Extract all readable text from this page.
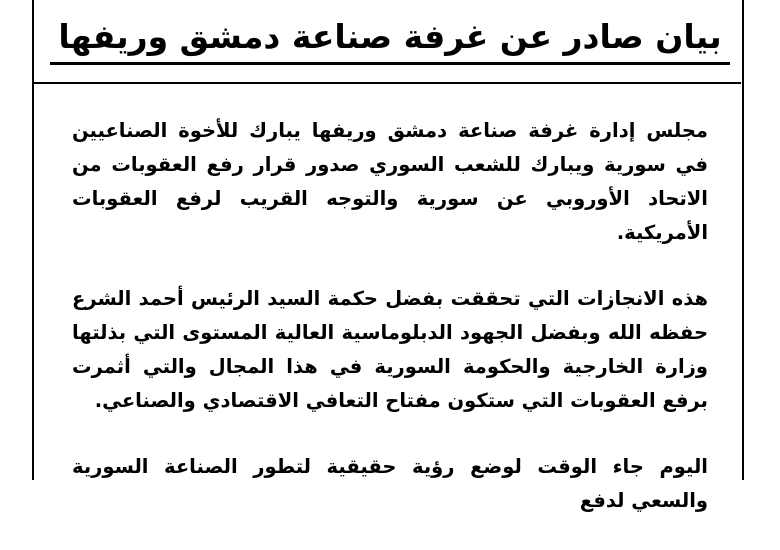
بيان صادر عن غرفة صناعة دمشق وريفها

مجلس إدارة غرفة صناعة دمشق وريفها يبارك للأخوة الصناعيين في سورية ويبارك للشعب السوري صدور قرار رفع العقوبات من الاتحاد الأوروبي عن سورية والتوجه القريب لرفع العقوبات الأمريكية.

هذه الانجازات التي تحققت بفضل حكمة السيد الرئيس أحمد الشرع حفظه الله وبفضل الجهود الدبلوماسية العالية المستوى التي بذلتها وزارة الخارجية والحكومة السورية في هذا المجال والتي أثمرت برفع العقوبات التي ستكون مفتاح التعافي الاقتصادي والصناعي.

اليوم جاء الوقت لوضع رؤية حقيقية لتطور الصناعة السورية والسعي لدفع
